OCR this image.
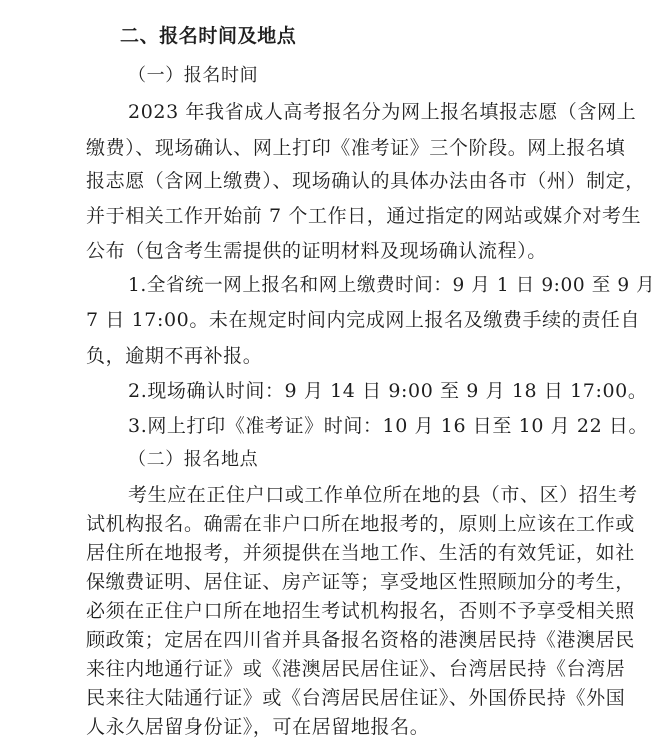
二、报名时间及地点
（一）报名时间
2023 年我省成人高考报名分为网上报名填报志愿（含网上
缴费）、现场确认、网上打印《准考证》三个阶段。网上报名填
报志愿（含网上缴费）、现场确认的具体办法由各市（州）制定，
并于相关工作开始前 7 个工作日，通过指定的网站或媒介对考生
公布（包含考生需提供的证明材料及现场确认流程）。
1.全省统一网上报名和网上缴费时间：9 月 1 日 9:00 至 9 月
7 日 17:00。未在规定时间内完成网上报名及缴费手续的责任自
负，逾期不再补报。
2.现场确认时间：9 月 14 日 9:00 至 9 月 18 日 17:00。
3.网上打印《准考证》时间：10 月 16 日至 10 月 22 日。
（二）报名地点
考生应在正住户口或工作单位所在地的县（市、区）招生考
试机构报名。确需在非户口所在地报考的，原则上应该在工作或
居住所在地报考，并须提供在当地工作、生活的有效凭证，如社
保缴费证明、居住证、房产证等；享受地区性照顾加分的考生，
必须在正住户口所在地招生考试机构报名，否则不予享受相关照
顾政策；定居在四川省并具备报名资格的港澳居民持《港澳居民
来往内地通行证》或《港澳居民居住证》、台湾居民持《台湾居
民来往大陆通行证》或《台湾居民居住证》、外国侨民持《外国
人永久居留身份证》，可在居留地报名。
